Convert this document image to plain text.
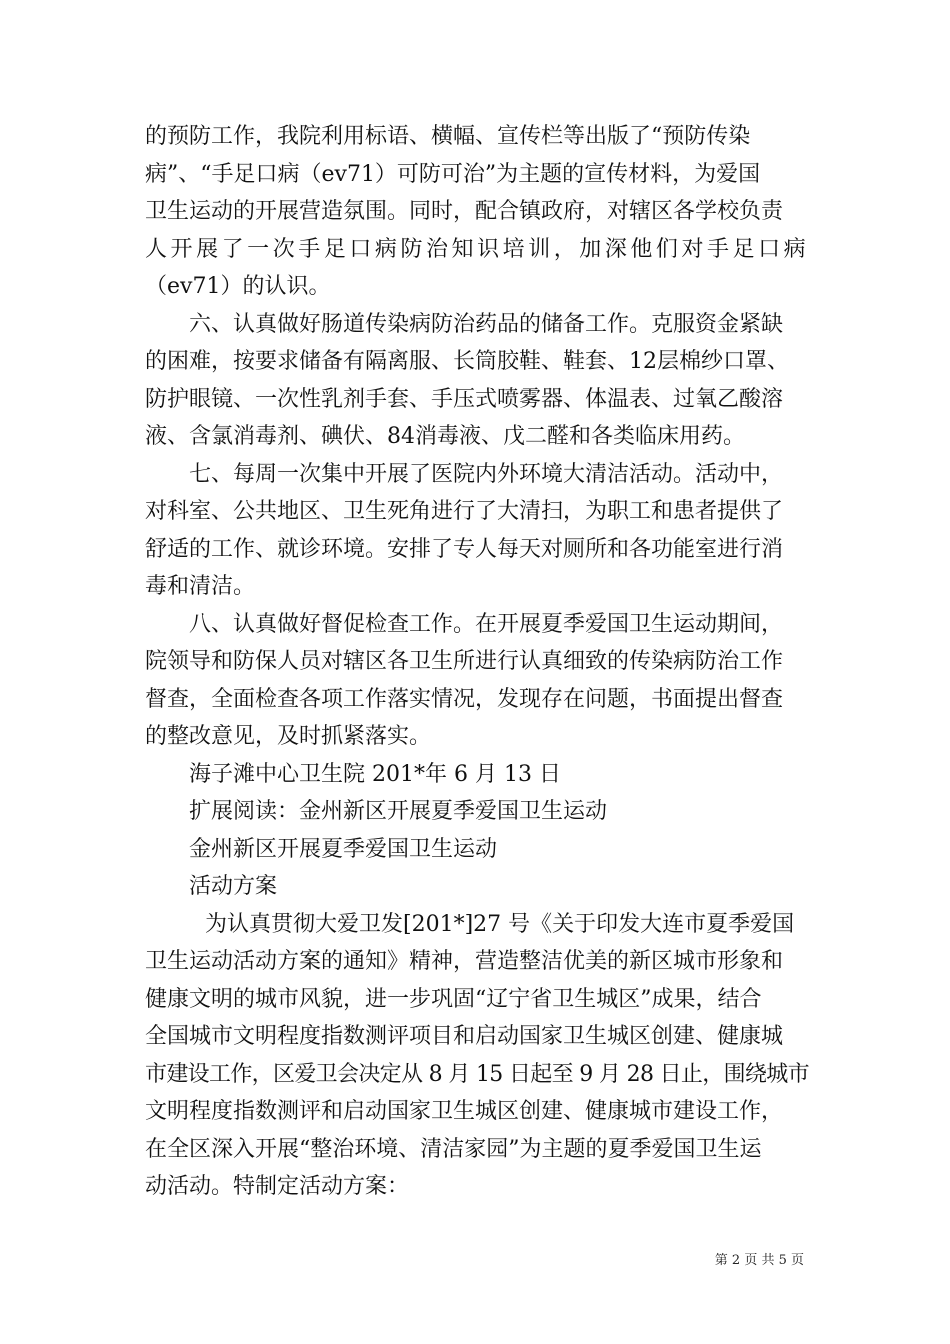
的预防工作，我院利用标语、横幅、宣传栏等出版了“预防传染
病”、“手足口病（ev71）可防可治”为主题的宣传材料，为爱国
卫生运动的开展营造氛围。同时，配合镇政府，对辖区各学校负责
人开展了一次手足口病防治知识培训，加深他们对手足口病
（ev71）的认识。
六、认真做好肠道传染病防治药品的储备工作。克服资金紧缺
的困难，按要求储备有隔离服、长筒胶鞋、鞋套、12层棉纱口罩、
防护眼镜、一次性乳剂手套、手压式喷雾器、体温表、过氧乙酸溶
液、含氯消毒剂、碘伏、84消毒液、戊二醛和各类临床用药。
七、每周一次集中开展了医院内外环境大清洁活动。活动中，
对科室、公共地区、卫生死角进行了大清扫，为职工和患者提供了
舒适的工作、就诊环境。安排了专人每天对厕所和各功能室进行消
毒和清洁。
八、认真做好督促检查工作。在开展夏季爱国卫生运动期间，
院领导和防保人员对辖区各卫生所进行认真细致的传染病防治工作
督查，全面检查各项工作落实情况，发现存在问题，书面提出督查
的整改意见，及时抓紧落实。
海子滩中心卫生院 201*年 6 月 13 日
扩展阅读：金州新区开展夏季爱国卫生运动
金州新区开展夏季爱国卫生运动
活动方案
为认真贯彻大爱卫发[201*]27 号《关于印发大连市夏季爱国
卫生运动活动方案的通知》精神，营造整洁优美的新区城市形象和
健康文明的城市风貌，进一步巩固“辽宁省卫生城区”成果，结合
全国城市文明程度指数测评项目和启动国家卫生城区创建、健康城
市建设工作，区爱卫会决定从 8 月 15 日起至 9 月 28 日止，围绕城市
文明程度指数测评和启动国家卫生城区创建、健康城市建设工作，
在全区深入开展“整治环境、清洁家园”为主题的夏季爱国卫生运
动活动。特制定活动方案：
第 2 页 共 5 页
